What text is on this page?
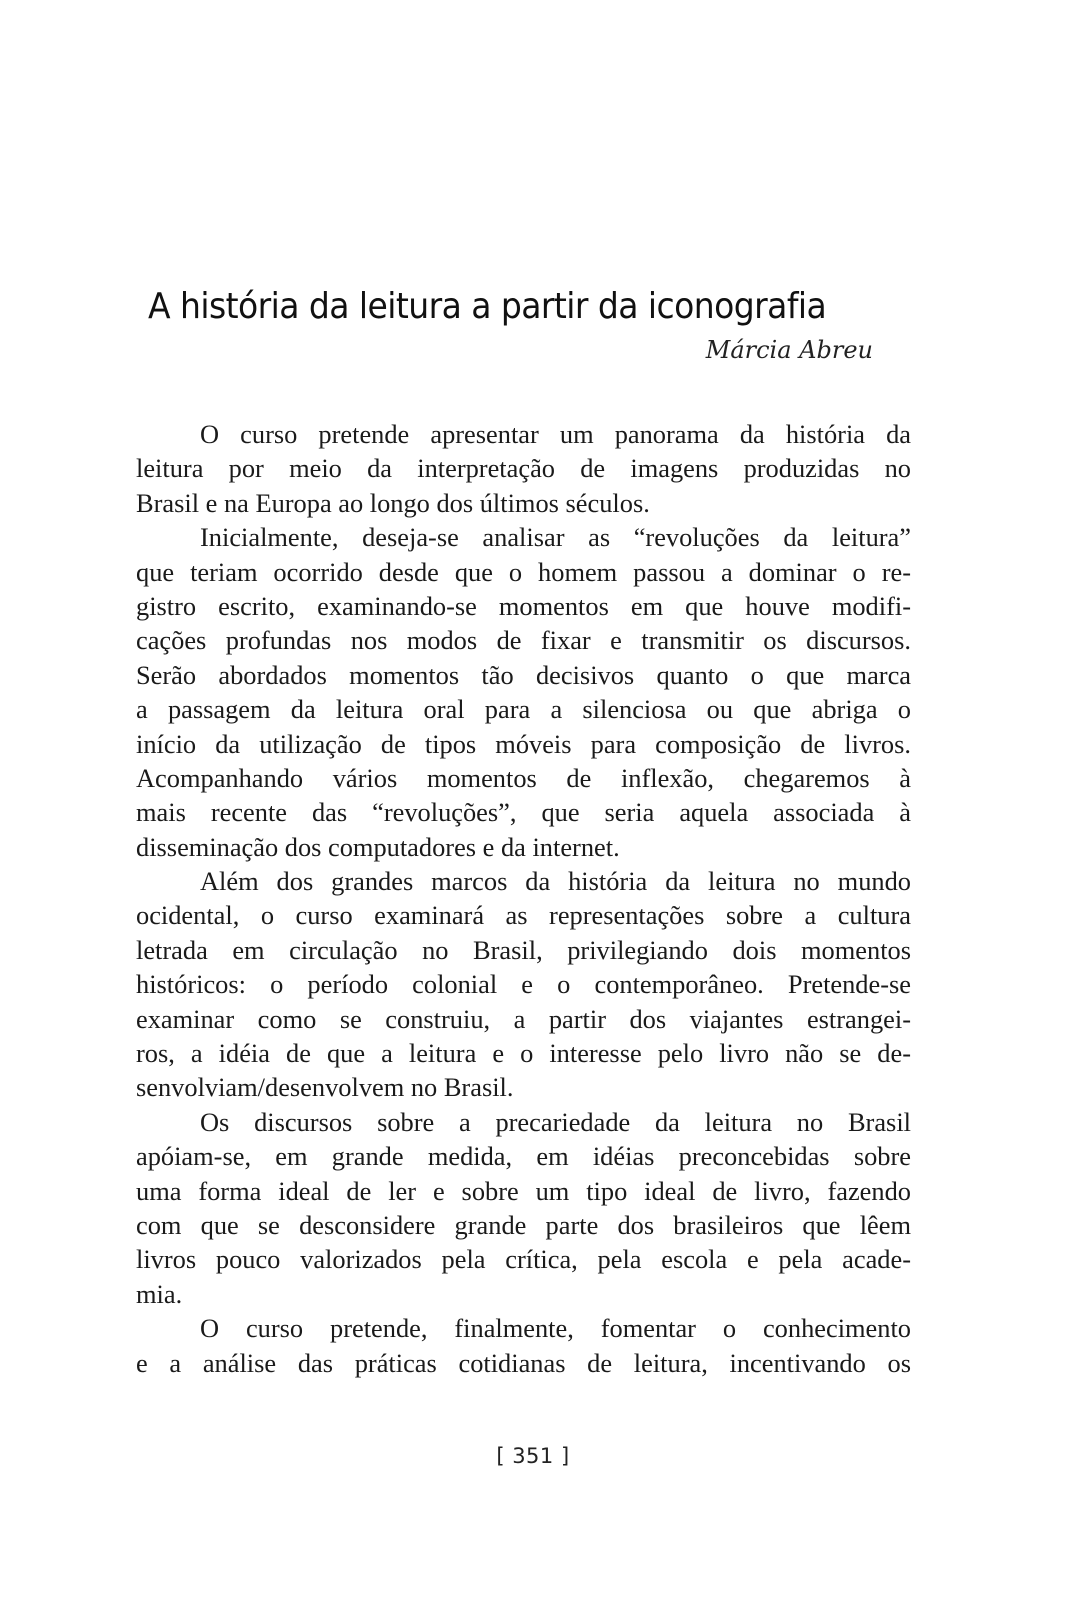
A história da leitura a partir da iconografia
Márcia Abreu
O curso pretende apresentar um panorama da história da
leitura por meio da interpretação de imagens produzidas no
Brasil e na Europa ao longo dos últimos séculos.
Inicialmente, deseja-se analisar as “revoluções da leitura”
que teriam ocorrido desde que o homem passou a dominar o re-
gistro escrito, examinando-se momentos em que houve modifi-
cações profundas nos modos de fixar e transmitir os discursos.
Serão abordados momentos tão decisivos quanto o que marca
a passagem da leitura oral para a silenciosa ou que abriga o
início da utilização de tipos móveis para composição de livros.
Acompanhando vários momentos de inflexão, chegaremos à
mais recente das “revoluções”, que seria aquela associada à
disseminação dos computadores e da internet.
Além dos grandes marcos da história da leitura no mundo
ocidental, o curso examinará as representações sobre a cultura
letrada em circulação no Brasil, privilegiando dois momentos
históricos: o período colonial e o contemporâneo. Pretende-se
examinar como se construiu, a partir dos viajantes estrangei-
ros, a idéia de que a leitura e o interesse pelo livro não se de-
senvolviam/desenvolvem no Brasil.
Os discursos sobre a precariedade da leitura no Brasil
apóiam-se, em grande medida, em idéias preconcebidas sobre
uma forma ideal de ler e sobre um tipo ideal de livro, fazendo
com que se desconsidere grande parte dos brasileiros que lêem
livros pouco valorizados pela crítica, pela escola e pela acade-
mia.
O curso pretende, finalmente, fomentar o conhecimento
e a análise das práticas cotidianas de leitura, incentivando os
[ 351 ]
